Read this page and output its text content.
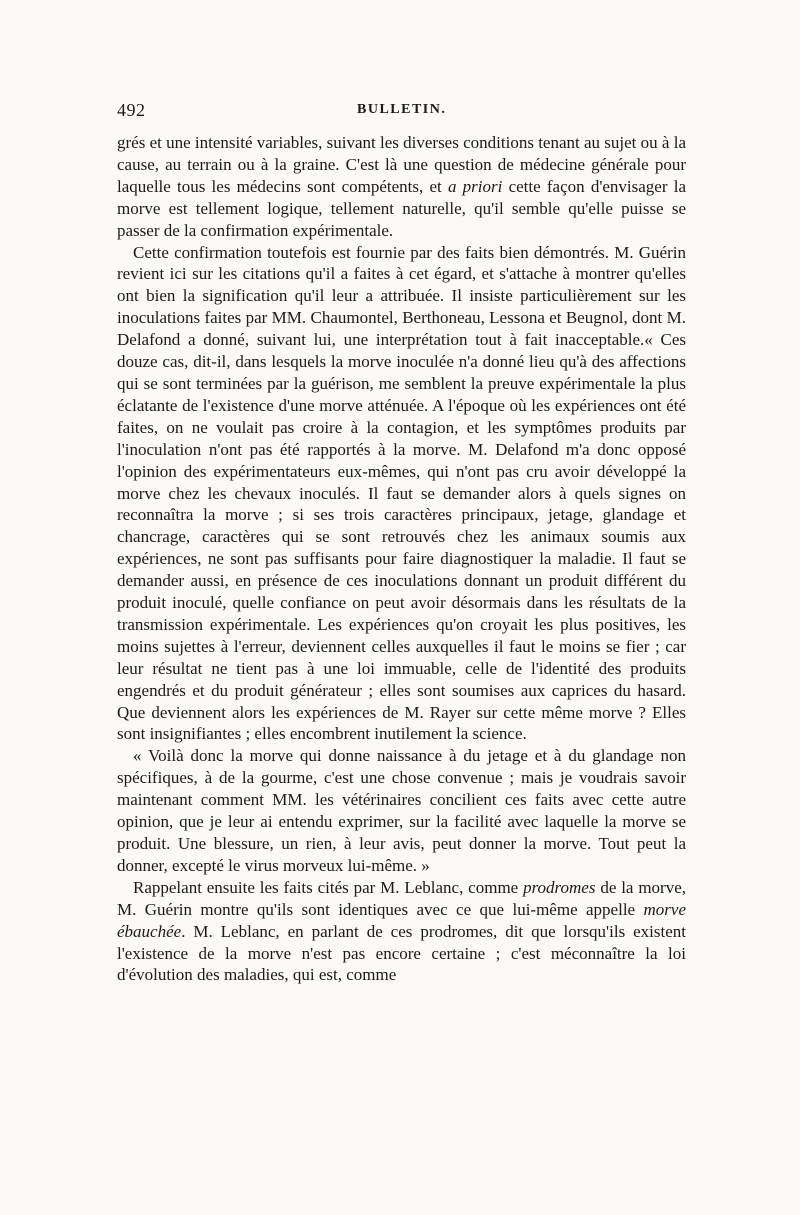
492	BULLETIN.

grés et une intensité variables, suivant les diverses conditions tenant au sujet ou à la cause, au terrain ou à la graine. C'est là une question de médecine générale pour laquelle tous les médecins sont compétents, et a priori cette façon d'envisager la morve est tellement logique, tellement naturelle, qu'il semble qu'elle puisse se passer de la confirmation expérimentale.

Cette confirmation toutefois est fournie par des faits bien démontrés. M. Guérin revient ici sur les citations qu'il a faites à cet égard, et s'attache à montrer qu'elles ont bien la signification qu'il leur a attribuée. Il insiste particulièrement sur les inoculations faites par MM. Chaumontel, Berthoneau, Lessona et Beugnol, dont M. Delafond a donné, suivant lui, une interprétation tout à fait inacceptable.« Ces douze cas, dit-il, dans lesquels la morve inoculée n'a donné lieu qu'à des affections qui se sont terminées par la guérison, me semblent la preuve expérimentale la plus éclatante de l'existence d'une morve atténuée. A l'époque où les expériences ont été faites, on ne voulait pas croire à la contagion, et les symptômes produits par l'inoculation n'ont pas été rapportés à la morve. M. Delafond m'a donc opposé l'opinion des expérimentateurs eux-mêmes, qui n'ont pas cru avoir développé la morve chez les chevaux inoculés. Il faut se demander alors à quels signes on reconnaîtra la morve ; si ses trois caractères principaux, jetage, glandage et chancrage, caractères qui se sont retrouvés chez les animaux soumis aux expériences, ne sont pas suffisants pour faire diagnostiquer la maladie. Il faut se demander aussi, en présence de ces inoculations donnant un produit différent du produit inoculé, quelle confiance on peut avoir désormais dans les résultats de la transmission expérimentale. Les expériences qu'on croyait les plus positives, les moins sujettes à l'erreur, deviennent celles auxquelles il faut le moins se fier ; car leur résultat ne tient pas à une loi immuable, celle de l'identité des produits engendrés et du produit générateur ; elles sont soumises aux caprices du hasard. Que deviennent alors les expériences de M. Rayer sur cette même morve ? Elles sont insignifiantes ; elles encombrent inutilement la science.

« Voilà donc la morve qui donne naissance à du jetage et à du glandage non spécifiques, à de la gourme, c'est une chose convenue ; mais je voudrais savoir maintenant comment MM. les vétérinaires concilient ces faits avec cette autre opinion, que je leur ai entendu exprimer, sur la facilité avec laquelle la morve se produit. Une blessure, un rien, à leur avis, peut donner la morve. Tout peut la donner, excepté le virus morveux lui-même. »

Rappelant ensuite les faits cités par M. Leblanc, comme prodromes de la morve, M. Guérin montre qu'ils sont identiques avec ce que lui-même appelle morve ébauchée. M. Leblanc, en parlant de ces prodromes, dit que lorsqu'ils existent l'existence de la morve n'est pas encore certaine ; c'est méconnaître la loi d'évolution des maladies, qui est, comme
